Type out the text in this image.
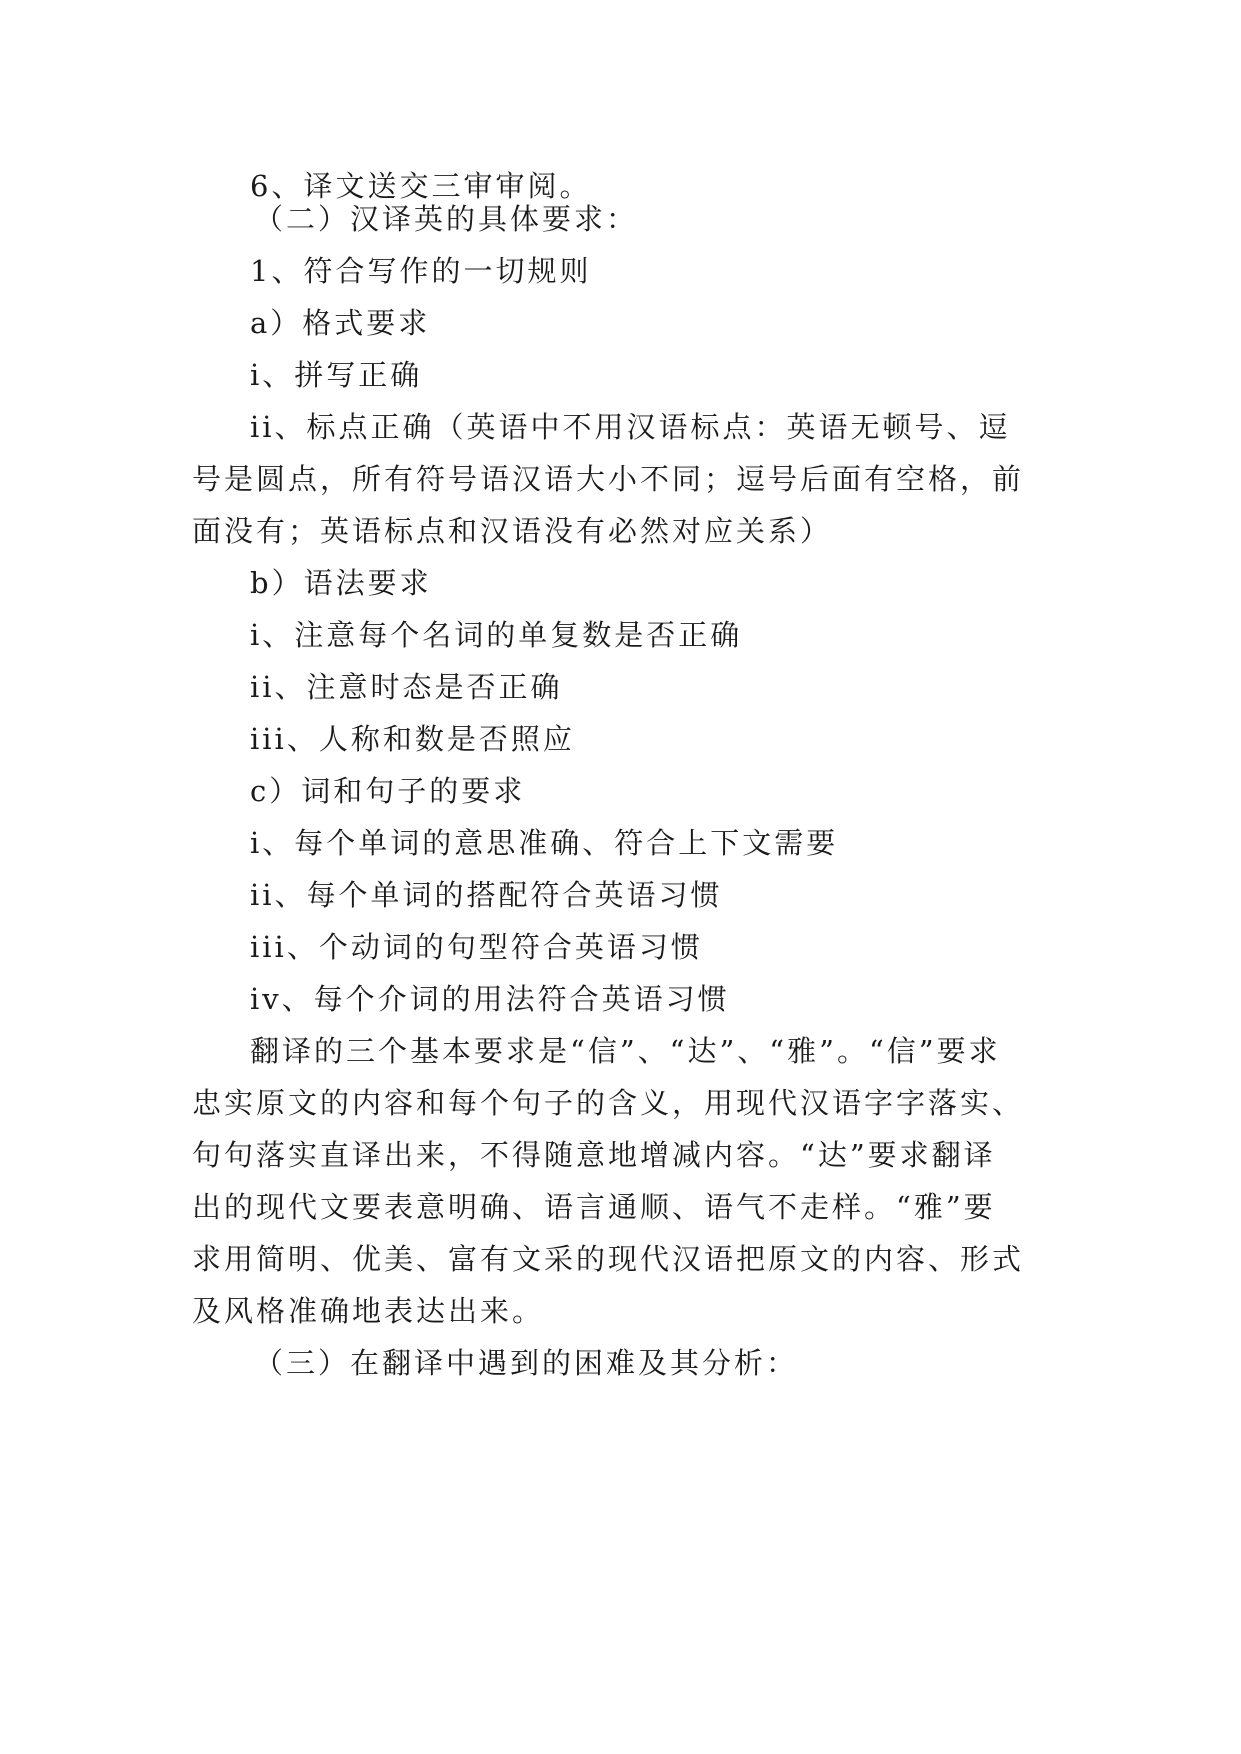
6、译文送交三审审阅。
（二）汉译英的具体要求：
1、符合写作的一切规则
a）格式要求
i、拼写正确
ii、标点正确（英语中不用汉语标点：英语无顿号、逗
号是圆点，所有符号语汉语大小不同；逗号后面有空格，前
面没有；英语标点和汉语没有必然对应关系）
b）语法要求
i、注意每个名词的单复数是否正确
ii、注意时态是否正确
iii、人称和数是否照应
c）词和句子的要求
i、每个单词的意思准确、符合上下文需要
ii、每个单词的搭配符合英语习惯
iii、个动词的句型符合英语习惯
iv、每个介词的用法符合英语习惯
翻译的三个基本要求是“信”、“达”、“雅”。“信”要求
忠实原文的内容和每个句子的含义，用现代汉语字字落实、
句句落实直译出来，不得随意地增减内容。“达”要求翻译
出的现代文要表意明确、语言通顺、语气不走样。“雅”要
求用简明、优美、富有文采的现代汉语把原文的内容、形式
及风格准确地表达出来。
（三）在翻译中遇到的困难及其分析：
